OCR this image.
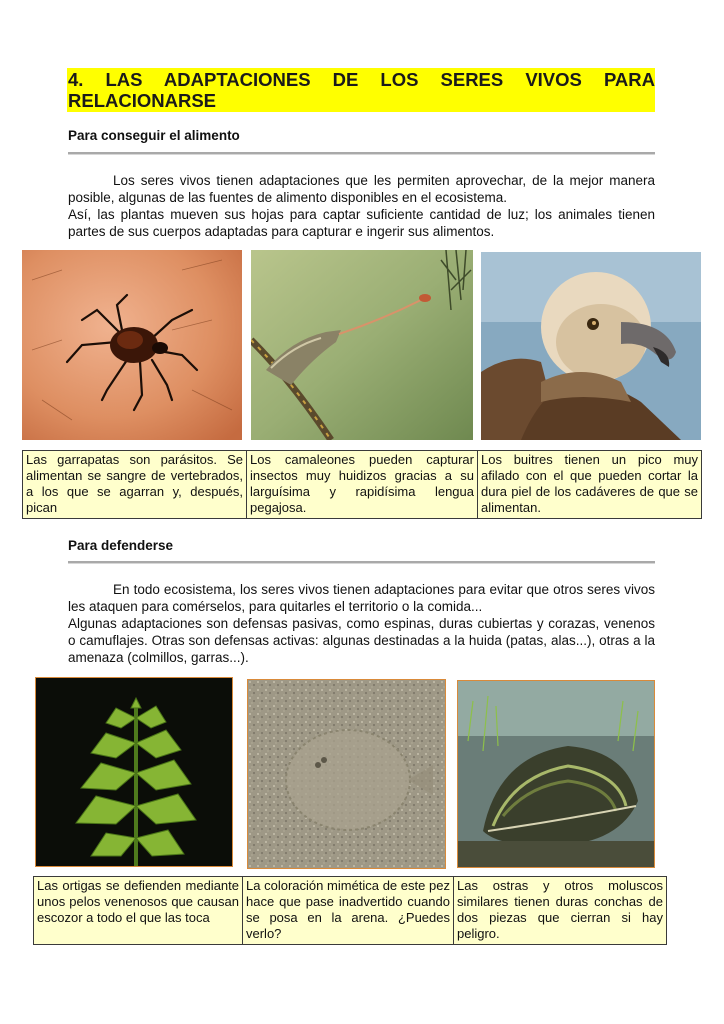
4. LAS ADAPTACIONES DE LOS SERES VIVOS PARA RELACIONARSE
Para conseguir el alimento

Los seres vivos tienen adaptaciones que les permiten aprovechar, de la mejor manera posible, algunas de las fuentes de alimento disponibles en el ecosistema.

Así, las plantas mueven sus hojas para captar suficiente cantidad de luz; los animales tienen partes de sus cuerpos adaptadas para capturar e ingerir sus alimentos.

Las garrapatas son parásitos. Se alimentan se sangre de vertebrados, a los que se agarran y, después, pican	Los camaleones pueden capturar insectos muy huidizos gracias a su larguísima y rapidísima lengua pegajosa.	Los buitres tienen un pico muy afilado con el que pueden cortar la dura piel de los cadáveres de que se alimentan.
Para defenderse

En todo ecosistema, los seres vivos tienen adaptaciones para evitar que otros seres vivos les ataquen para comérselos, para quitarles el territorio o la comida...

Algunas adaptaciones son defensas pasivas, como espinas, duras cubiertas y corazas, venenos o camuflajes. Otras son defensas activas: algunas destinadas a la huida (patas, alas...), otras a la amenaza (colmillos, garras...).

Las ortigas se defienden mediante unos pelos venenosos que causan escozor a todo el que las toca	La coloración mimética de este pez hace que pase inadvertido cuando se posa en la arena. ¿Puedes verlo?	Las ostras y otros moluscos similares tienen duras conchas de dos piezas que cierran si hay peligro.
